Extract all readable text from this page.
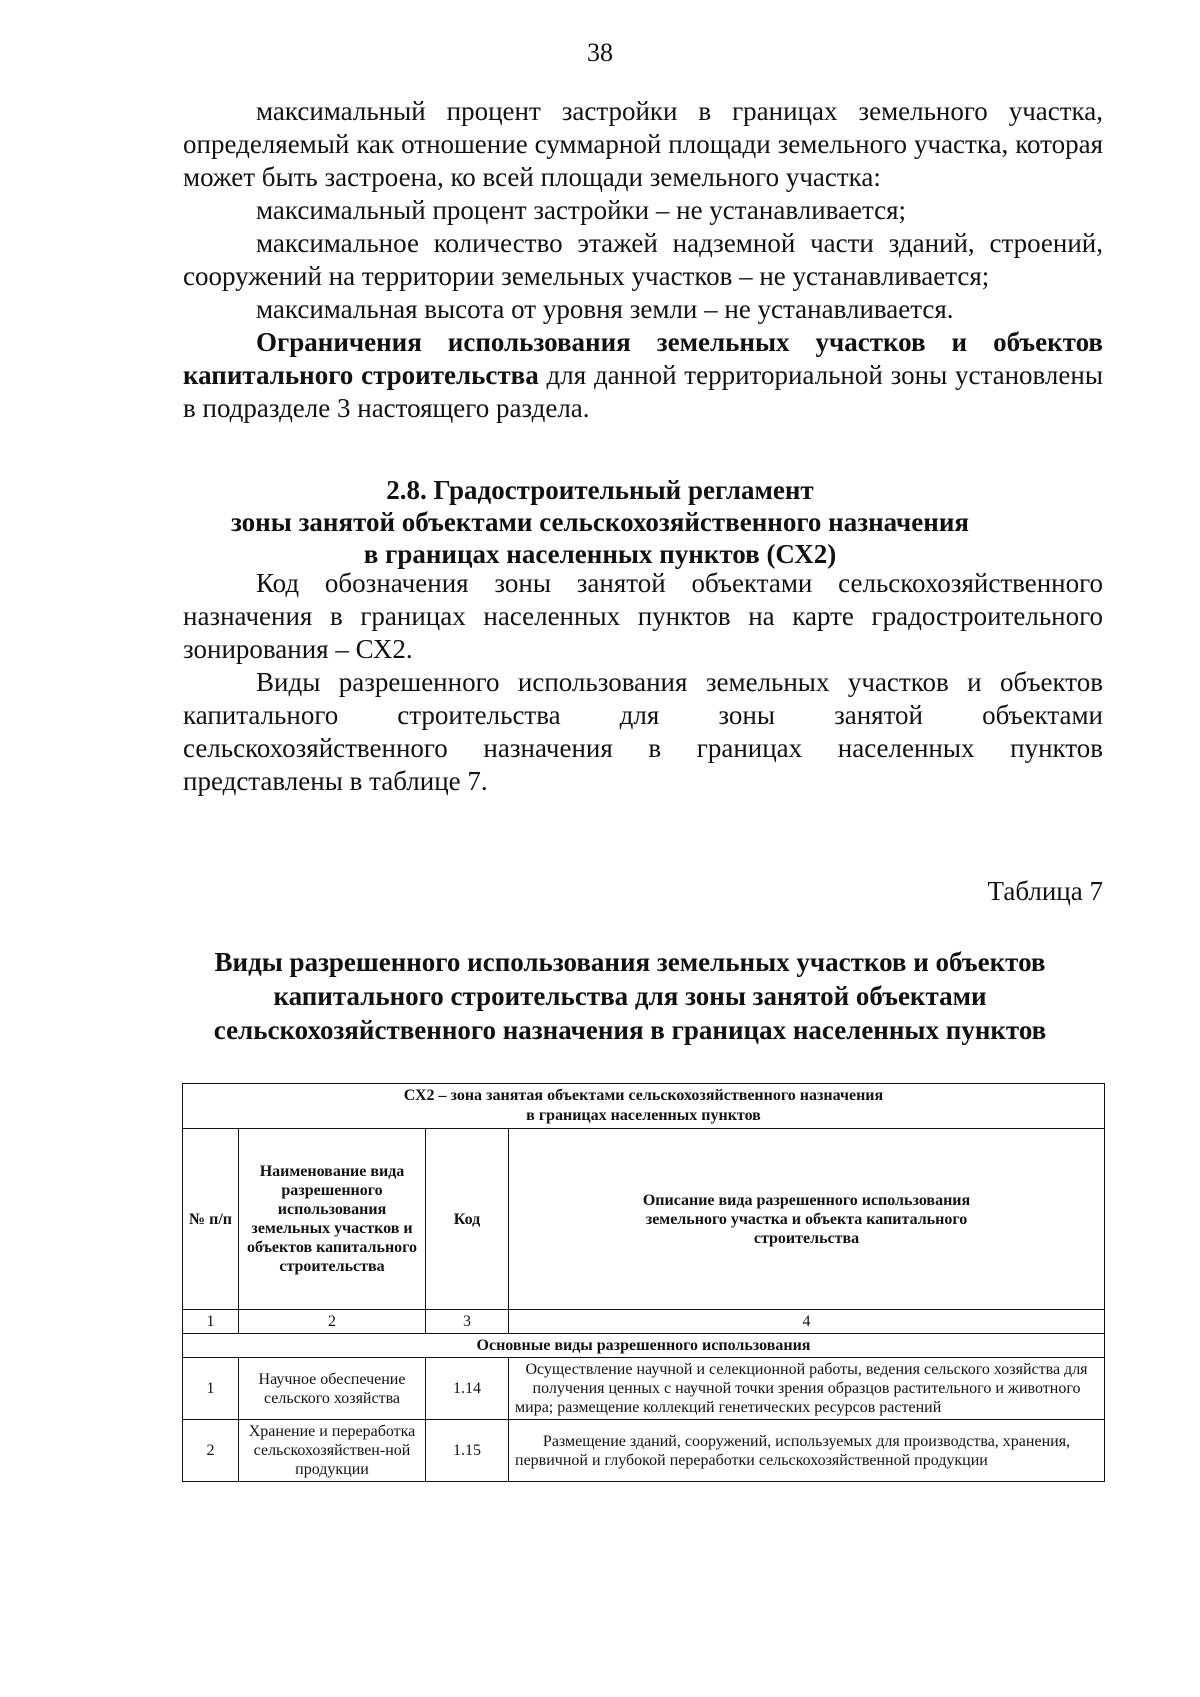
38

максимальный процент застройки в границах земельного участка, определяемый как отношение суммарной площади земельного участка, которая может быть застроена, ко всей площади земельного участка:

максимальный процент застройки – не устанавливается;

максимальное количество этажей надземной части зданий, строений, сооружений на территории земельных участков – не устанавливается;

максимальная высота от уровня земли – не устанавливается.

Ограничения использования земельных участков и объектов капитального строительства для данной территориальной зоны установлены в подразделе 3 настоящего раздела.

2.8. Градостроительный регламент
зоны занятой объектами сельскохозяйственного назначения
в границах населенных пунктов (СХ2)

Код обозначения зоны занятой объектами сельскохозяйственного назначения в границах населенных пунктов на карте градостроительного зонирования – СХ2.

Виды разрешенного использования земельных участков и объектов капитального строительства для зоны занятой объектами сельскохозяйственного назначения в границах населенных пунктов представлены в таблице 7.

Таблица 7
Виды разрешенного использования земельных участков и объектов
капитального строительства для зоны занятой объектами
сельскохозяйственного назначения в границах населенных пунктов
СХ2 – зона занятая объектами сельскохозяйственного назначения
в границах населенных пунктов			

№ п/п	Наименование вида разрешенного использования земельных участков и объектов капитального строительства	Код	Описание вида разрешенного использования земельного участка и объекта капитального строительства
1	2	3	4
Основные виды разрешенного использования			
1	Научное обеспечение сельского хозяйства	1.14	Осуществление научной и селекционной работы, ведения сельского хозяйства для получения ценных с научной точки зрения образцов растительного и животного мира; размещение коллекций генетических ресурсов растений
2	Хранение и переработка сельскохозяйствен-ной продукции	1.15	Размещение зданий, сооружений, используемых для производства, хранения, первичной и глубокой переработки сельскохозяйственной продукции
